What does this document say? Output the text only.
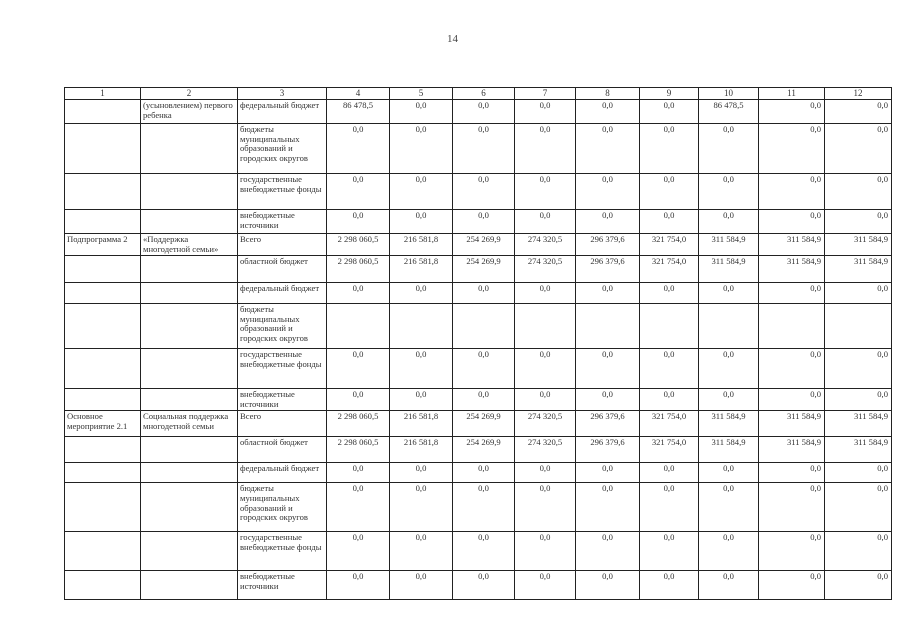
14
1	2	3	4	5	6	7	8	9	10	11	12
	(усыновлением) первого ребенка	федеральный бюджет	86 478,5	0,0	0,0	0,0	0,0	0,0	86 478,5	0,0	0,0
		бюджеты муниципальных образований и городских округов	0,0	0,0	0,0	0,0	0,0	0,0	0,0	0,0	0,0
		государственные внебюджетные фонды	0,0	0,0	0,0	0,0	0,0	0,0	0,0	0,0	0,0
		внебюджетные источники	0,0	0,0	0,0	0,0	0,0	0,0	0,0	0,0	0,0
Подпрограмма 2	«Поддержка многодетной семьи»	Всего	2 298 060,5	216 581,8	254 269,9	274 320,5	296 379,6	321 754,0	311 584,9	311 584,9	311 584,9
		областной бюджет	2 298 060,5	216 581,8	254 269,9	274 320,5	296 379,6	321 754,0	311 584,9	311 584,9	311 584,9
		федеральный бюджет	0,0	0,0	0,0	0,0	0,0	0,0	0,0	0,0	0,0
		бюджеты муниципальных образований и городских округов									
		государственные внебюджетные фонды	0,0	0,0	0,0	0,0	0,0	0,0	0,0	0,0	0,0
		внебюджетные источники	0,0	0,0	0,0	0,0	0,0	0,0	0,0	0,0	0,0
Основное мероприятие 2.1	Социальная поддержка многодетной семьи	Всего	2 298 060,5	216 581,8	254 269,9	274 320,5	296 379,6	321 754,0	311 584,9	311 584,9	311 584,9
		областной бюджет	2 298 060,5	216 581,8	254 269,9	274 320,5	296 379,6	321 754,0	311 584,9	311 584,9	311 584,9
		федеральный бюджет	0,0	0,0	0,0	0,0	0,0	0,0	0,0	0,0	0,0
		бюджеты муниципальных образований и городских округов	0,0	0,0	0,0	0,0	0,0	0,0	0,0	0,0	0,0
		государственные внебюджетные фонды	0,0	0,0	0,0	0,0	0,0	0,0	0,0	0,0	0,0
		внебюджетные источники	0,0	0,0	0,0	0,0	0,0	0,0	0,0	0,0	0,0
